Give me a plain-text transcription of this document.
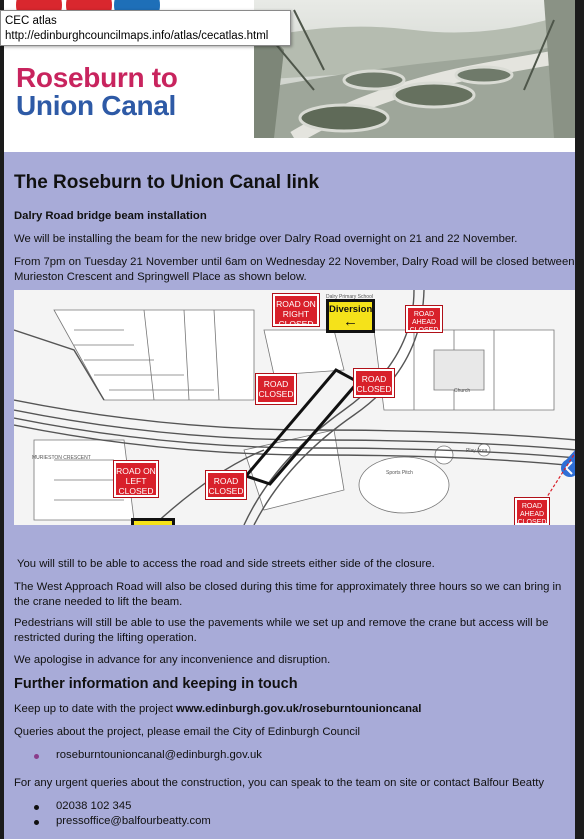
Roseburn to
Union Canal
The Roseburn to Union Canal link
Dalry Road bridge beam installation
We will be installing the beam for the new bridge over Dalry Road overnight on 21 and 22 November.
From 7pm on Tuesday 21 November until 6am on Wednesday 22 November, Dalry Road will be closed between Murieston Crescent and Springwell Place as shown below.
You will still to be able to access the road and side streets either side of the closure.
The West Approach Road will also be closed during this time for approximately three hours so we can bring in the crane needed to lift the beam.
Pedestrians will still be able to use the pavements while we set up and remove the crane but access will be restricted during the lifting operation.
We apologise in advance for any inconvenience and disruption.
Further information and keeping in touch
Keep up to date with the project www.edinburgh.gov.uk/roseburntounioncanal
Queries about the project, please email the City of Edinburgh Council
roseburntounioncanal@edinburgh.gov.uk
For any urgent queries about the construction, you can speak to the team on site or contact Balfour Beatty
02038 102 345
pressoffice@balfourbeatty.com
ROAD ON RIGHT CLOSED
Diversion
←	ROAD AHEAD CLOSED
ROAD CLOSED
ROAD CLOSED
ROAD ON LEFT CLOSED
ROAD CLOSED
ROAD AHEAD CLOSED
Dalry Primary School
Sports Pitch
Play Area
Church
MURIESTON CRESCENT
CEC atlas
http://edinburghcouncilmaps.info/atlas/cecatlas.html
